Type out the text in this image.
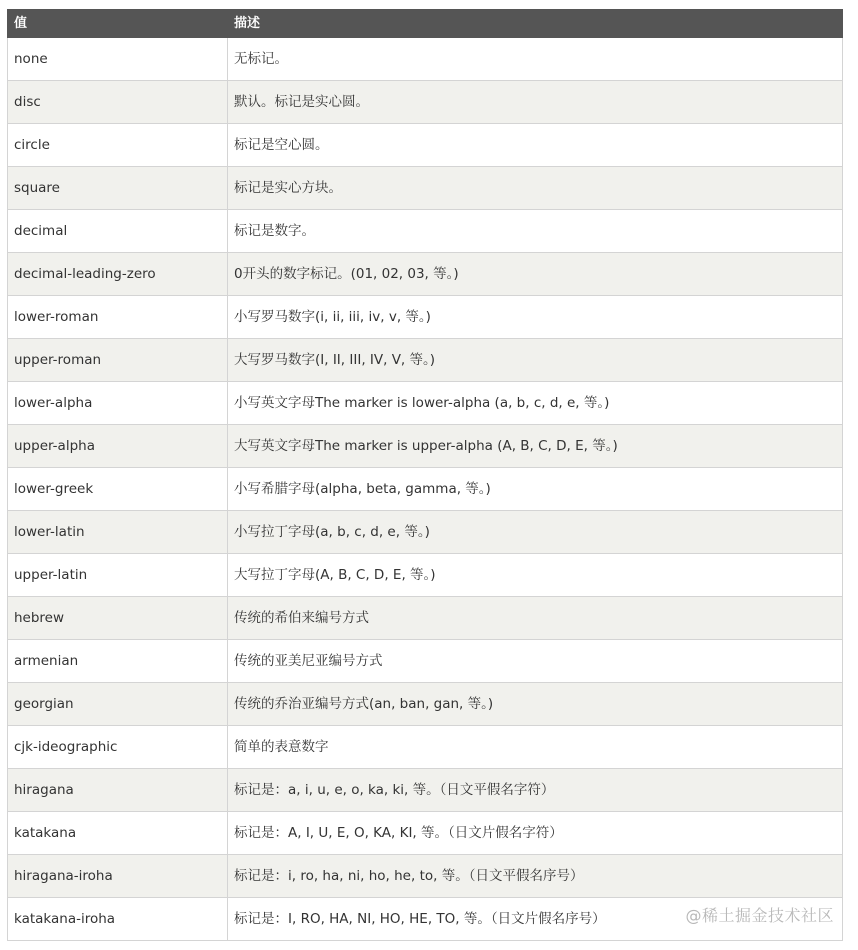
值	描述
none	无标记。
disc	默认。标记是实心圆。
circle	标记是空心圆。
square	标记是实心方块。
decimal	标记是数字。
decimal-leading-zero	0开头的数字标记。(01, 02, 03, 等。)
lower-roman	小写罗马数字(i, ii, iii, iv, v, 等。)
upper-roman	大写罗马数字(I, II, III, IV, V, 等。)
lower-alpha	小写英文字母The marker is lower-alpha (a, b, c, d, e, 等。)
upper-alpha	大写英文字母The marker is upper-alpha (A, B, C, D, E, 等。)
lower-greek	小写希腊字母(alpha, beta, gamma, 等。)
lower-latin	小写拉丁字母(a, b, c, d, e, 等。)
upper-latin	大写拉丁字母(A, B, C, D, E, 等。)
hebrew	传统的希伯来编号方式
armenian	传统的亚美尼亚编号方式
georgian	传统的乔治亚编号方式(an, ban, gan, 等。)
cjk-ideographic	简单的表意数字
hiragana	标记是：a, i, u, e, o, ka, ki, 等。（日文平假名字符）
katakana	标记是：A, I, U, E, O, KA, KI, 等。（日文片假名字符）
hiragana-iroha	标记是：i, ro, ha, ni, ho, he, to, 等。（日文平假名序号）
katakana-iroha	标记是：I, RO, HA, NI, HO, HE, TO, 等。（日文片假名序号）	@稀土掘金技术社区
